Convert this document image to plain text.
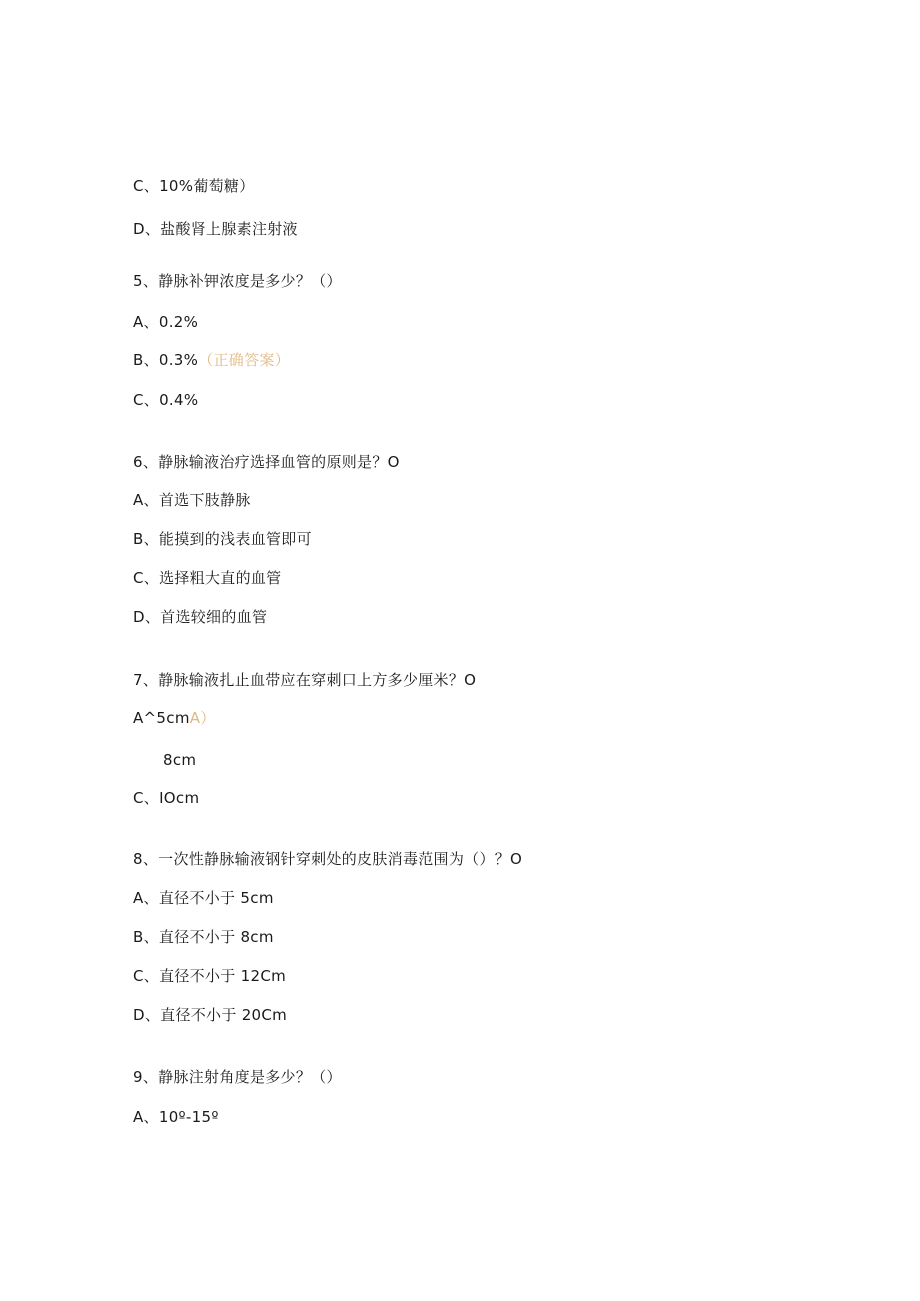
C、10%葡萄糖）
D、盐酸肾上腺素注射液
5、静脉补钾浓度是多少？（）
A、0.2%
B、0.3%（正确答案）
C、0.4%
6、静脉输液治疗选择血管的原则是？O
A、首选下肢静脉
B、能摸到的浅表血管即可
C、选择粗大直的血管
D、首选较细的血管
7、静脉输液扎止血带应在穿刺口上方多少厘米？O
A^5cmA）
8cm
C、IOcm
8、一次性静脉输液钢针穿刺处的皮肤消毒范围为（）？O
A、直径不小于 5cm
B、直径不小于 8cm
C、直径不小于 12Cm
D、直径不小于 20Cm
9、静脉注射角度是多少？（）
A、10º-15º
